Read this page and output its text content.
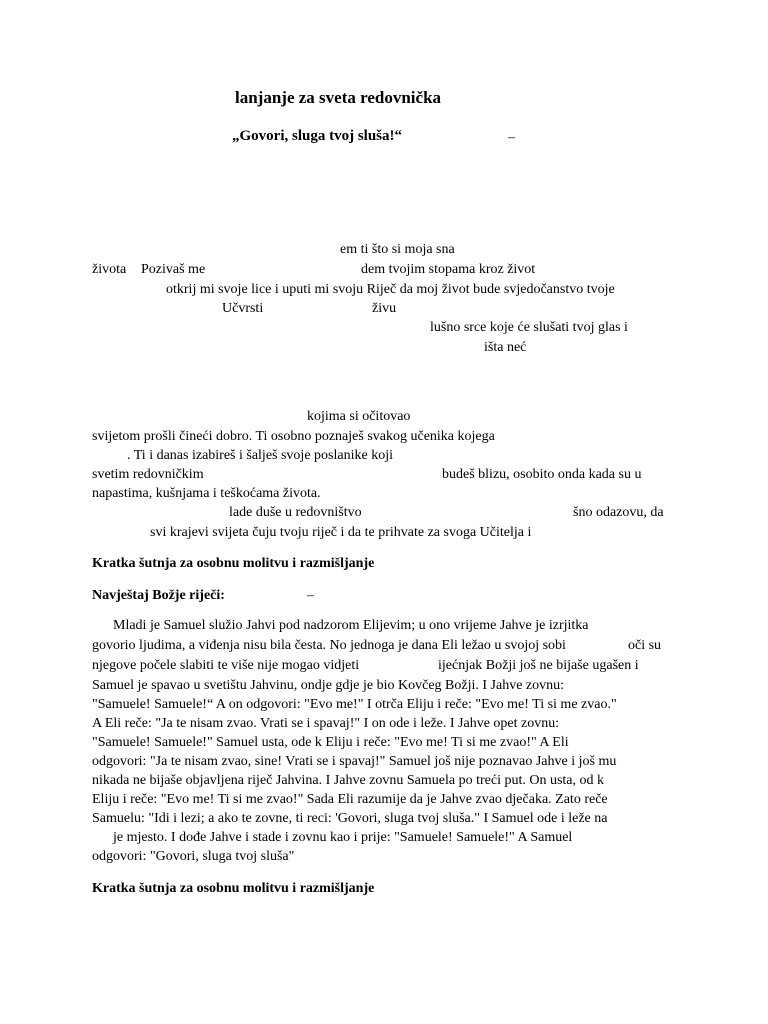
lanjanje za sveta redovnička
„Govori, sluga tvoj sluša!“	–
em ti što si moja sna
života Pozivaš me	dem tvojim stopama kroz život
otkrij mi svoje lice i uputi mi svoju Riječ da moj život bude svjedočanstvo tvoje
Učvrsti	živu
lušno srce koje će slušati tvoj glas i
išta neć
kojima si očitovao
svijetom prošli čineći dobro. Ti osobno poznaješ svakog učenika kojega
. Ti i danas izabireš i šalješ svoje poslanike koji
svetim redovničkim	budeš blizu, osobito onda kada su u
napastima, kušnjama i teškoćama života.
lade duše u redovništvo	šno odazovu, da
svi krajevi svijeta čuju tvoju riječ i da te prihvate za svoga Učitelja i
Kratka šutnja za osobnu molitvu i razmišljanje
Navještaj Božje riječi:	–
Mladi je Samuel služio Jahvi pod nadzorom Elijevim; u ono vrijeme Jahve je izrjitka
govorio ljudima, a viđenja nisu bila česta. No jednoga je dana Eli ležao u svojoj sobi	oči su
njegove počele slabiti te više nije mogao vidjeti	ijećnjak Božji još ne bijaše ugašen i
Samuel je spavao u svetištu Jahvinu, ondje gdje je bio Kovčeg Božji. I Jahve zovnu:
"Samuele! Samuele!“ A on odgovori: "Evo me!" I otrča Eliju i reče: "Evo me! Ti si me zvao."
A Eli reče: "Ja te nisam zvao. Vrati se i spavaj!" I on ode i leže. I Jahve opet zovnu:
"Samuele! Samuele!" Samuel usta, ode k Eliju i reče: "Evo me! Ti si me zvao!" A Eli
odgovori: "Ja te nisam zvao, sine! Vrati se i spavaj!" Samuel još nije poznavao Jahve i još mu
nikada ne bijaše objavljena riječ Jahvina. I Jahve zovnu Samuela po treći put. On usta, od k
Eliju i reče: "Evo me! Ti si me zvao!" Sada Eli razumije da je Jahve zvao dječaka. Zato reče
Samuelu: "Idi i lezi; a ako te zovne, ti reci: 'Govori, sluga tvoj sluša." I Samuel ode i leže na
je mjesto. I dođe Jahve i stade i zovnu kao i prije: "Samuele! Samuele!" A Samuel
odgovori: "Govori, sluga tvoj sluša"
Kratka šutnja za osobnu molitvu i razmišljanje
